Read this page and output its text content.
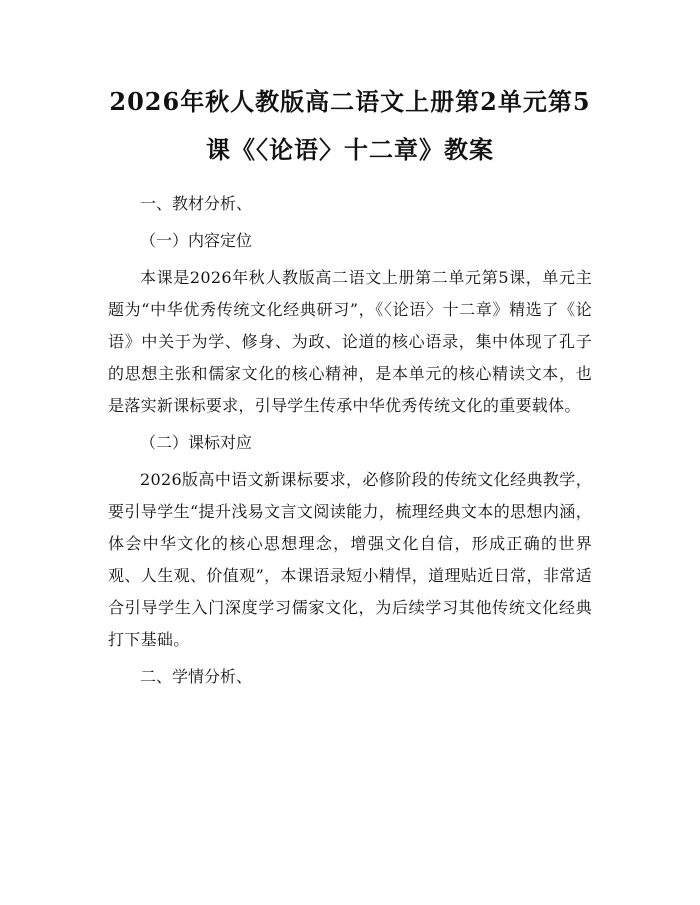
2026年秋人教版高二语文上册第2单元第5
课《〈论语〉十二章》教案

一、教材分析、

（一）内容定位

本课是2026年秋人教版高二语文上册第二单元第5课，单元主题为“中华优秀传统文化经典研习”，《〈论语〉十二章》精选了《论语》中关于为学、修身、为政、论道的核心语录，集中体现了孔子的思想主张和儒家文化的核心精神，是本单元的核心精读文本，也是落实新课标要求，引导学生传承中华优秀传统文化的重要载体。

（二）课标对应

2026版高中语文新课标要求，必修阶段的传统文化经典教学，要引导学生“提升浅易文言文阅读能力，梳理经典文本的思想内涵，体会中华文化的核心思想理念，增强文化自信，形成正确的世界观、人生观、价值观”，本课语录短小精悍，道理贴近日常，非常适合引导学生入门深度学习儒家文化，为后续学习其他传统文化经典打下基础。

二、学情分析、
